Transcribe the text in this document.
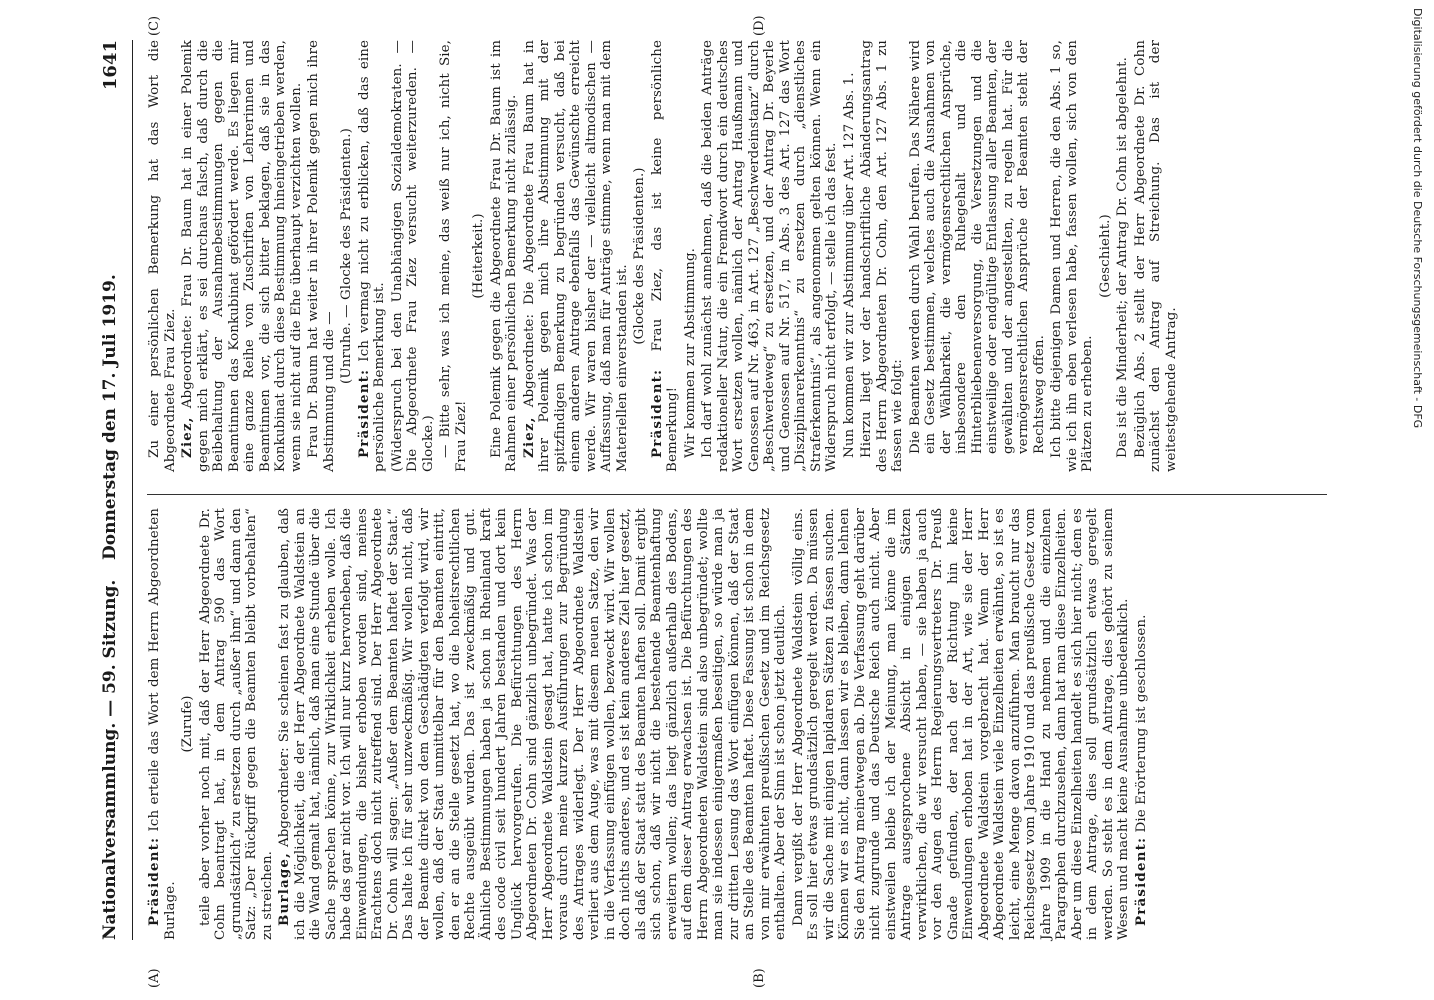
Nationalversammlung. — 59. Sitzung.
Donnerstag den 17. Juli 1919.
1641
(A)	(B)
(C)	(D)

Präsident: Ich erteile das Wort dem Herrn Abgeordneten Burlage.

(Zurufe) teile aber vorher noch mit, daß der Herr Abgeordnete Dr. Cohn beantragt hat, in dem Antrag 590 das Wort „grundsätzlich“ zu ersetzen durch „außer ihm“ und dann den Satz: „Der Rückgriff gegen die Beamten bleibt vorbehalten“ zu streichen. Burlage, Abgeordneter: Sie scheinen fast zu glauben, daß ich die Möglichkeit, die der Herr Abgeordnete Waldstein an die Wand gemalt hat, nämlich, daß man eine Stunde über die Sache sprechen könne, zur Wirklichkeit erheben wolle. Ich habe das gar nicht vor. Ich will nur kurz hervorheben, daß die Einwendungen, die bisher erhoben worden sind, meines Erachtens doch nicht zutreffend sind. Der Herr Abgeordnete Dr. Cohn will sagen: „Außer dem Beamten haftet der Staat.“ Das halte ich für sehr unzweckmäßig. Wir wollen nicht, daß der Beamte direkt von dem Geschädigten verfolgt wird, wir wollen, daß der Staat unmittelbar für den Beamten eintritt, den er an die Stelle gesetzt hat, wo die hoheitsrechtlichen Rechte ausgeübt wurden. Das ist zweckmäßig und gut. Ähnliche Bestimmungen haben ja schon in Rheinland kraft des code civil seit hundert Jahren bestanden und dort kein Unglück hervorgerufen. Die Befürchtungen des Herrn Abgeordneten Dr. Cohn sind gänzlich unbegründet. Was der Herr Abgeordnete Waldstein gesagt hat, hatte ich schon im voraus durch meine kurzen Ausführungen zur Begründung des Antrages widerlegt. Der Herr Abgeordnete Waldstein verliert aus dem Auge, was mit diesem neuen Satze, den wir in die Verfassung einfügen wollen, bezweckt wird. Wir wollen doch nichts anderes, und es ist kein anderes Ziel hier gesetzt, als daß der Staat statt des Beamten haften soll. Damit ergibt sich schon, daß wir nicht die bestehende Beamtenhaftung erweitern wollen; das liegt gänzlich außerhalb des Bodens, auf dem dieser Antrag erwachsen ist. Die Befürchtungen des Herrn Abgeordneten Waldstein sind also unbegründet; wollte man sie indessen einigermaßen beseitigen, so würde man ja zur dritten Lesung das Wort einfügen können, daß der Staat an Stelle des Beamten haftet. Diese Fassung ist schon in dem von mir erwähnten preußischen Gesetz und im Reichsgesetz enthalten. Aber der Sinn ist schon jetzt deutlich. Dann vergißt der Herr Abgeordnete Waldstein völlig eins. Es soll hier etwas grundsätzlich geregelt werden. Da müssen wir die Sache mit einigen lapidaren Sätzen zu fassen suchen. Können wir es nicht, dann lassen wir es bleiben, dann lehnen Sie den Antrag meinetwegen ab. Die Verfassung geht darüber nicht zugrunde und das Deutsche Reich auch nicht. Aber einstweilen bleibe ich der Meinung, man könne die im Antrage ausgesprochene Absicht in einigen Sätzen verwirklichen, die wir versucht haben, — sie haben ja auch vor den Augen des Herrn Regierungsvertreters Dr. Preuß Gnade gefunden, der nach der Richtung hin keine Einwendungen erhoben hat in der Art, wie sie der Herr Abgeordnete Waldstein vorgebracht hat. Wenn der Herr Abgeordnete Waldstein viele Einzelheiten erwähnte, so ist es leicht, eine Menge davon anzuführen. Man braucht nur das Reichsgesetz vom Jahre 1910 und das preußische Gesetz vom Jahre 1909 in die Hand zu nehmen und die einzelnen Paragraphen durchzusehen, dann hat man diese Einzelheiten. Aber um diese Einzelheiten handelt es sich hier nicht; dem es in dem Antrage, dies soll grundsätzlich etwas geregelt werden. So steht es in dem Antrage, dies gehört zu seinem Wesen und macht keine Ausnahme unbedenklich. Präsident: Die Erörterung ist geschlossen.

Zu einer persönlichen Bemerkung hat das Wort die Abgeordnete Frau Ziez. Ziez, Abgeordnete: Frau Dr. Baum hat in einer Polemik gegen mich erklärt, es sei durchaus falsch, daß durch die Beibehaltung der Ausnahmebestimmungen gegen die Beamtinnen das Konkubinat gefördert werde. Es liegen mir eine ganze Reihe von Zuschriften von Lehrerinnen und Beamtinnen vor, die sich bitter beklagen, daß sie in das Konkubinat durch diese Bestimmung hineingetrieben werden, wenn sie nicht auf die Ehe überhaupt verzichten wollen. Frau Dr. Baum hat weiter in ihrer Polemik gegen mich ihre Abstimmung und die —

(Unruhe. — Glocke des Präsidenten.)

Präsident: Ich vermag nicht zu erblicken, daß das eine persönliche Bemerkung ist. (Widerspruch bei den Unabhängigen Sozialdemokraten. — Die Abgeordnete Frau Ziez versucht weiterzureden. — Glocke.) — Bitte sehr, was ich meine, das weiß nur ich, nicht Sie, Frau Ziez!

(Heiterkeit.) Eine Polemik gegen die Abgeordnete Frau Dr. Baum ist im Rahmen einer persönlichen Bemerkung nicht zulässig. Ziez, Abgeordnete: Die Abgeordnete Frau Baum hat in ihrer Polemik gegen mich ihre Abstimmung mit der spitzfindigen Bemerkung zu begründen versucht, daß bei einem anderen Antrage ebenfalls das Gewünschte erreicht werde. Wir waren bisher der — vielleicht altmodischen — Auffassung, daß man für Anträge stimme, wenn man mit dem Materiellen einverstanden ist.

(Glocke des Präsidenten.)

Präsident: Frau Ziez, das ist keine persönliche Bemerkung! Wir kommen zur Abstimmung. Ich darf wohl zunächst annehmen, daß die beiden Anträge redaktioneller Natur, die ein Fremdwort durch ein deutsches Wort ersetzen wollen, nämlich der Antrag Haußmann und Genossen auf Nr. 463, in Art. 127 „Beschwerdeinstanz“ durch „Beschwerdeweg“ zu ersetzen, und der Antrag Dr. Beyerle und Genossen auf Nr. 517, in Abs. 3 des Art. 127 das Wort „Disziplinarerkenntnis“ zu ersetzen durch „dienstliches Straferkenntnis“, als angenommen gelten können. Wenn ein Widerspruch nicht erfolgt, — stelle ich das fest. Nun kommen wir zur Abstimmung über Art. 127 Abs. 1. Hierzu liegt vor der handschriftliche Abänderungsantrag des Herrn Abgeordneten Dr. Cohn, den Art. 127 Abs. 1 zu fassen wie folgt: Die Beamten werden durch Wahl berufen. Das Nähere wird ein Gesetz bestimmen, welches auch die Ausnahmen von der Wählbarkeit, die vermögensrechtlichen Ansprüche, insbesondere den Ruhegehalt und die Hinterbliebenenversorgung, die Versetzungen und die einstweilige oder endgültige Entlassung aller Beamten, der gewählten und der angestellten, zu regeln hat. Für die vermögensrechtlichen Ansprüche der Beamten steht der Rechtsweg offen. Ich bitte diejenigen Damen und Herren, die den Abs. 1 so, wie ich ihn eben verlesen habe, fassen wollen, sich von den Plätzen zu erheben.

(Geschieht.) Das ist die Minderheit; der Antrag Dr. Cohn ist abgelehnt. Bezüglich Abs. 2 stellt der Herr Abgeordnete Dr. Cohn zunächst den Antrag auf Streichung. Das ist der weitestgehende Antrag.	Digitalisierung gefördert durch die Deutsche Forschungsgemeinschaft - DFG
